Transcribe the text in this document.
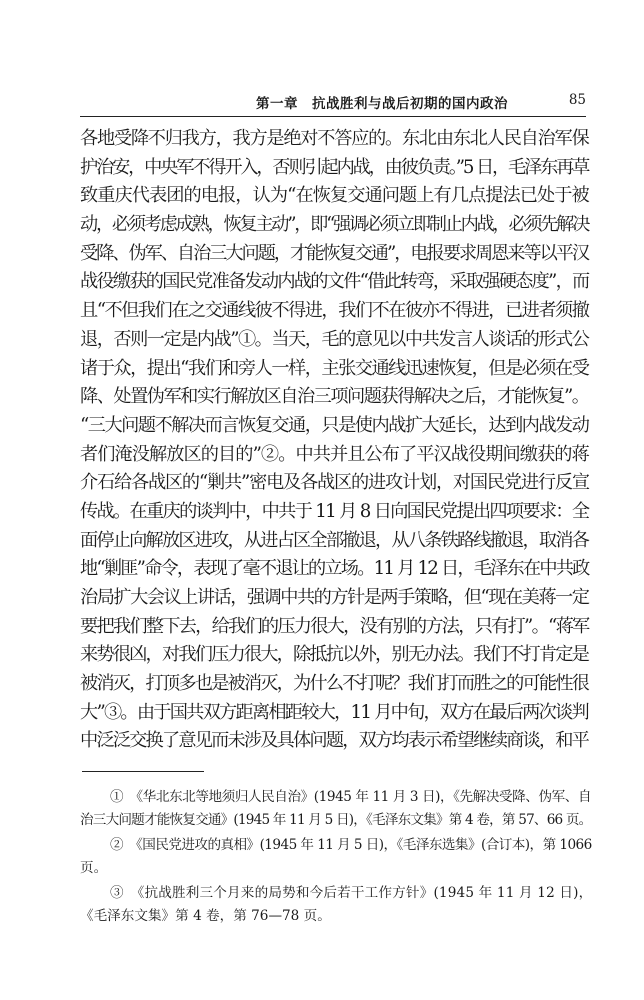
第一章　抗战胜利与战后初期的国内政治	85
各地受降不归我方，我方是绝对不答应的。东北由东北人民自治军保
护治安，中央军不得开入，否则引起内战，由彼负责。”5 日，毛泽东再草
致重庆代表团的电报，认为“在恢复交通问题上有几点提法已处于被
动，必须考虑成熟，恢复主动”，即“强调必须立即制止内战，必须先解决
受降、伪军、自治三大问题，才能恢复交通”，电报要求周恩来等以平汉
战役缴获的国民党准备发动内战的文件“借此转弯，采取强硬态度”，而
且“不但我们在之交通线彼不得进，我们不在彼亦不得进，已进者须撤
退，否则一定是内战”①。当天，毛的意见以中共发言人谈话的形式公
诸于众，提出“我们和旁人一样，主张交通线迅速恢复，但是必须在受
降、处置伪军和实行解放区自治三项问题获得解决之后，才能恢复”。
“三大问题不解决而言恢复交通，只是使内战扩大延长，达到内战发动
者们淹没解放区的目的”②。中共并且公布了平汉战役期间缴获的蒋
介石给各战区的“剿共”密电及各战区的进攻计划，对国民党进行反宣
传战。在重庆的谈判中，中共于 11 月 8 日向国民党提出四项要求：全
面停止向解放区进攻，从进占区全部撤退，从八条铁路线撤退，取消各
地“剿匪”命令，表现了毫不退让的立场。11 月 12 日，毛泽东在中共政
治局扩大会议上讲话，强调中共的方针是两手策略，但“现在美蒋一定
要把我们整下去，给我们的压力很大，没有别的方法，只有打”。“蒋军
来势很凶，对我们压力很大，除抵抗以外，别无办法。我们不打肯定是
被消灭，打顶多也是被消灭，为什么不打呢？我们打而胜之的可能性很
大”③。由于国共双方距离相距较大，11 月中旬，双方在最后两次谈判
中泛泛交换了意见而未涉及具体问题，双方均表示希望继续商谈，和平
①　《华北东北等地须归人民自治》(1945 年 11 月 3 日)，《先解决受降、伪军、自
治三大问题才能恢复交通》(1945 年 11 月 5 日)，《毛泽东文集》第 4 卷，第 57、66 页。
②　《国民党进攻的真相》(1945 年 11 月 5 日)，《毛泽东选集》(合订本)，第 1066
页。
③　《抗战胜利三个月来的局势和今后若干工作方针》(1945 年 11 月 12 日)，
《毛泽东文集》第 4 卷，第 76—78 页。
